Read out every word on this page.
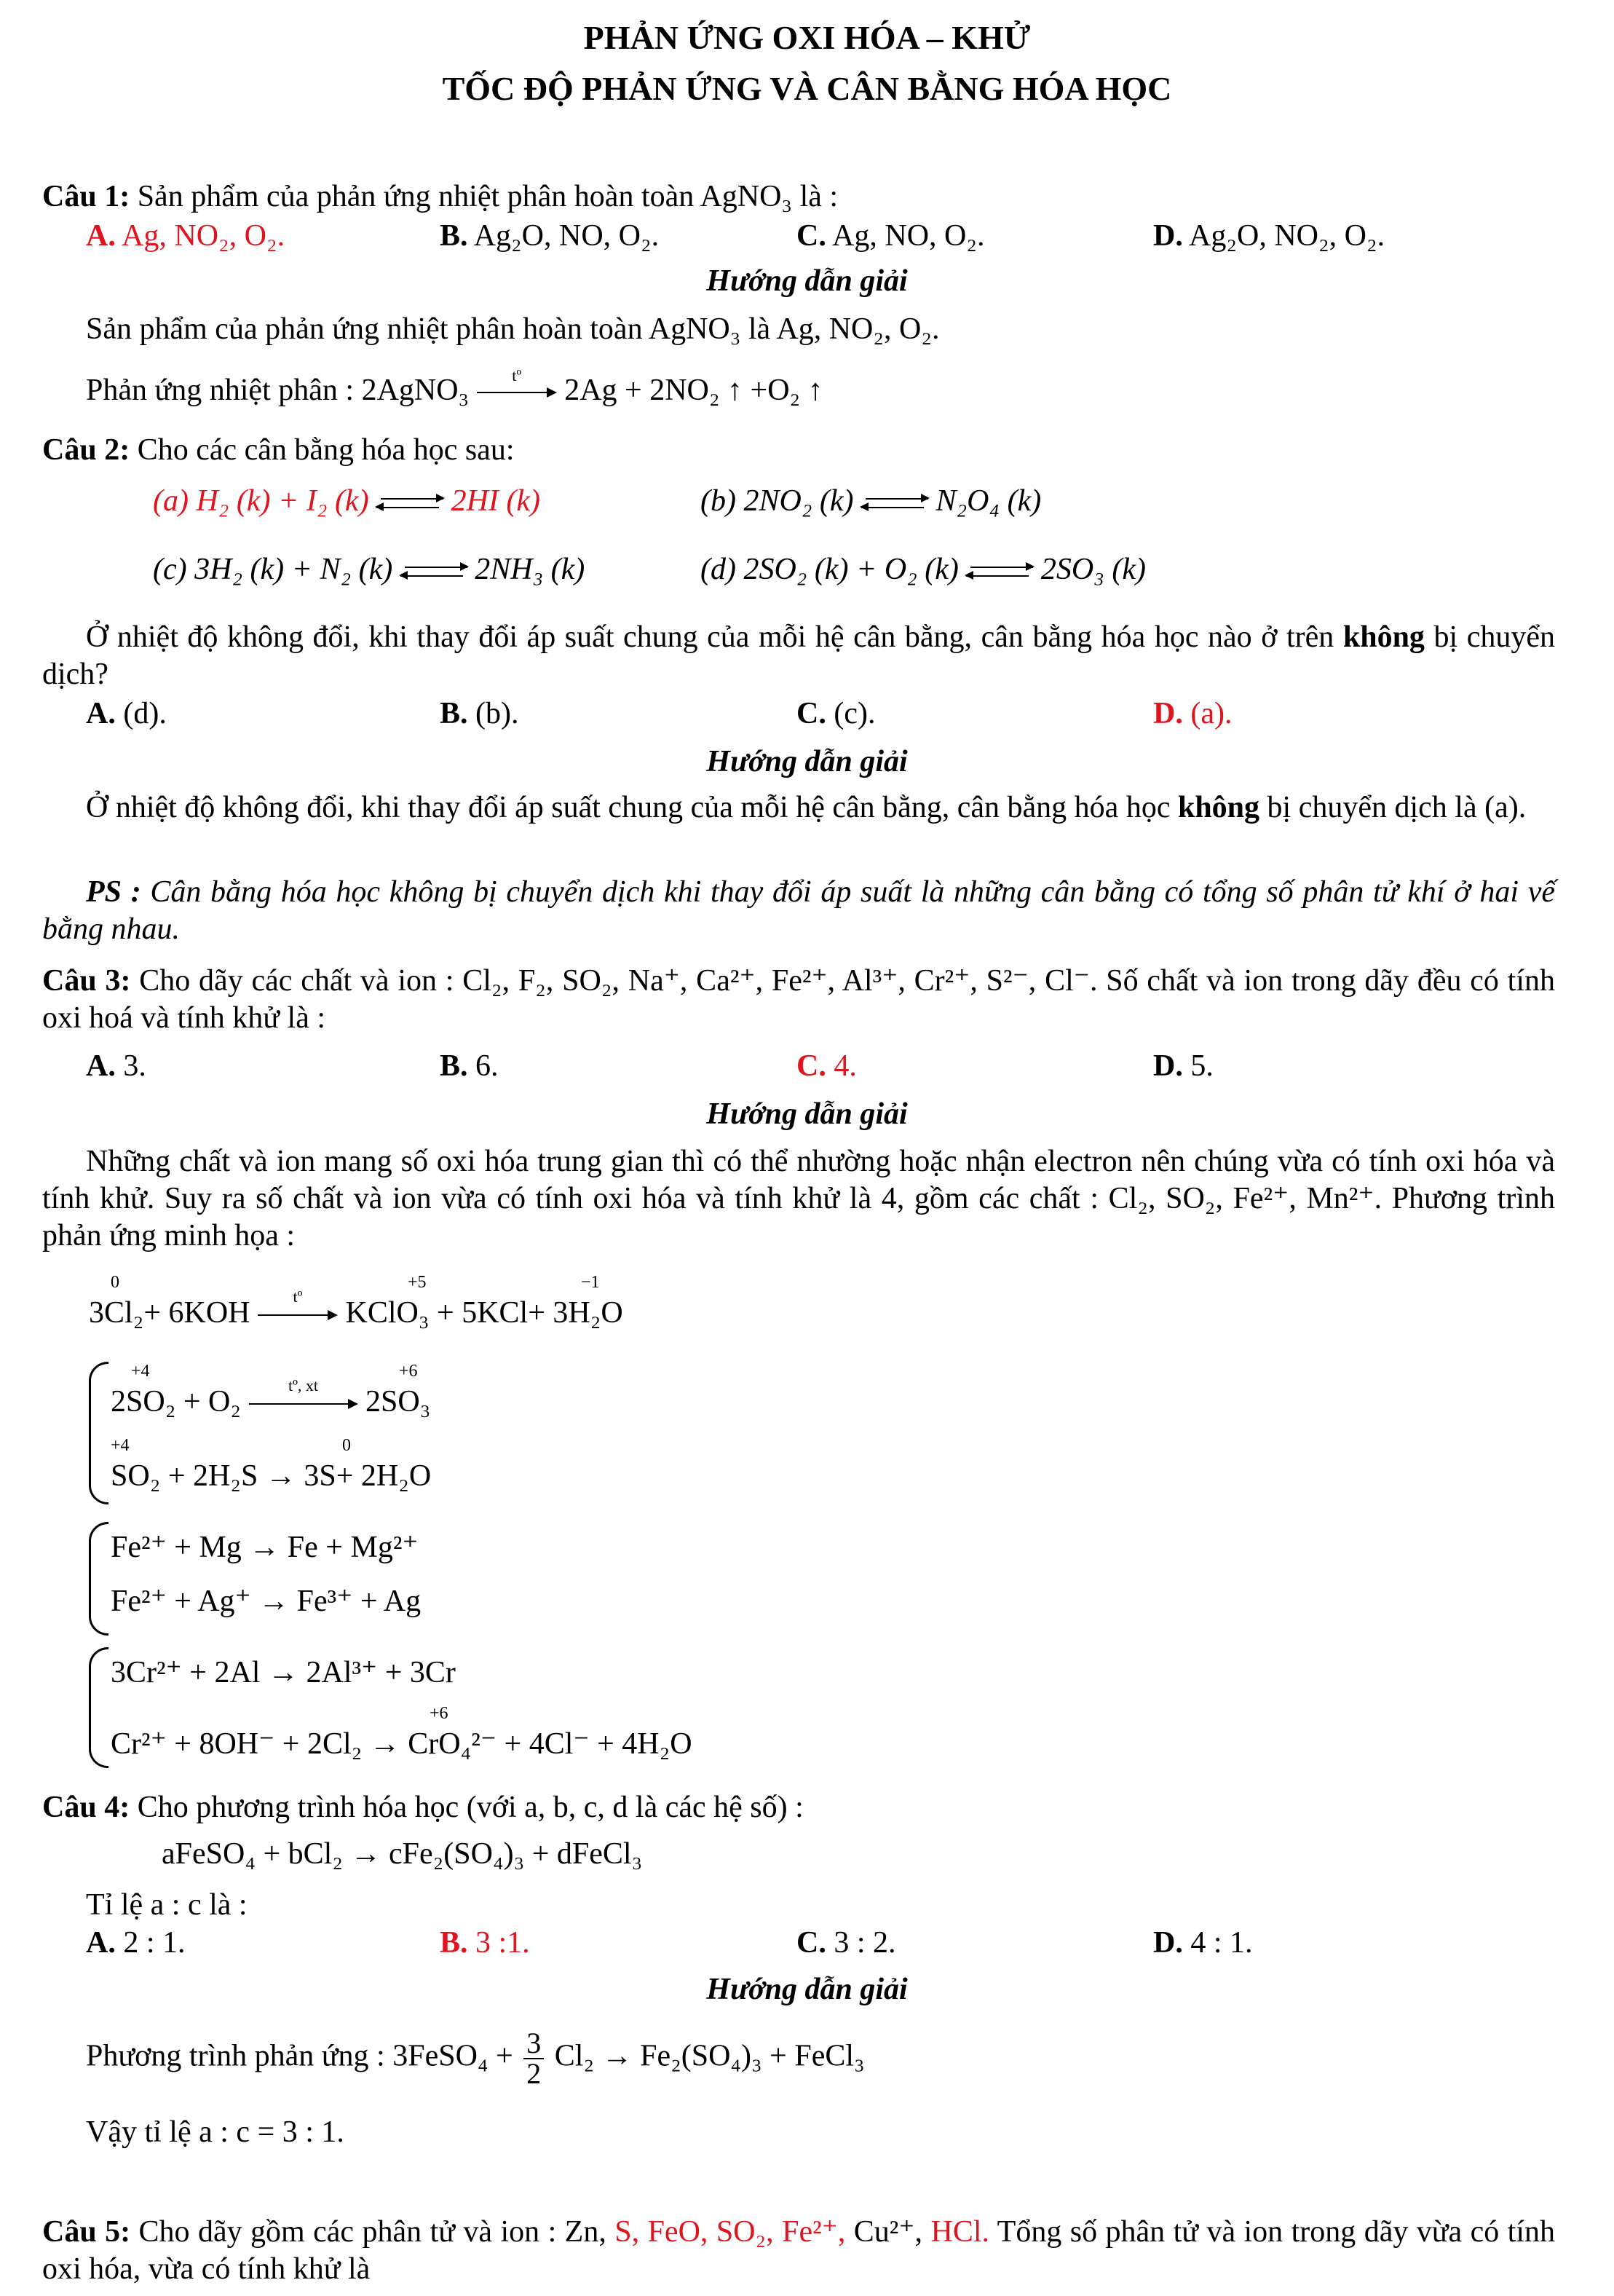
PHẢN ỨNG OXI HÓA – KHỬ
TỐC ĐỘ PHẢN ỨNG VÀ CÂN BẰNG HÓA HỌC
Câu 1: Sản phẩm của phản ứng nhiệt phân hoàn toàn AgNO₃ là :
A. Ag, NO₂, O₂.	B. Ag₂O, NO, O₂.	C. Ag, NO, O₂.	D. Ag₂O, NO₂, O₂.
Hướng dẫn giải
Sản phẩm của phản ứng nhiệt phân hoàn toàn AgNO₃ là Ag, NO₂, O₂.
Phản ứng nhiệt phân : 2AgNO₃	tº	2Ag + 2NO₂ ↑ +O₂ ↑
Câu 2: Cho các cân bằng hóa học sau:
(a) H₂ (k) + I₂ (k)	2HI (k)	(b) 2NO₂ (k)	N₂O₄ (k)
(c) 3H₂ (k) + N₂ (k)	2NH₃ (k)	(d) 2SO₂ (k) + O₂ (k)	2SO₃ (k)
Ở nhiệt độ không đổi, khi thay đổi áp suất chung của mỗi hệ cân bằng, cân bằng hóa học nào ở trên không bị chuyển dịch?
A. (d).	B. (b).	C. (c).	D. (a).
Hướng dẫn giải
Ở nhiệt độ không đổi, khi thay đổi áp suất chung của mỗi hệ cân bằng, cân bằng hóa học không bị chuyển dịch là (a).
PS : Cân bằng hóa học không bị chuyển dịch khi thay đổi áp suất là những cân bằng có tổng số phân tử khí ở hai vế bằng nhau.
Câu 3: Cho dãy các chất và ion : Cl₂, F₂, SO₂, Na⁺, Ca²⁺, Fe²⁺, Al³⁺, Cr²⁺, S²⁻, Cl⁻. Số chất và ion trong dãy đều có tính oxi hoá và tính khử là :
A. 3.	B. 6.	C. 4.	D. 5.
Hướng dẫn giải
Những chất và ion mang số oxi hóa trung gian thì có thể nhường hoặc nhận electron nên chúng vừa có tính oxi hóa và tính khử. Suy ra số chất và ion vừa có tính oxi hóa và tính khử là 4, gồm các chất : Cl₂, SO₂, Fe²⁺, Mn²⁺. Phương trình phản ứng minh họa :
3Cl₂+ 6KOH	tº	KClO₃ + 5KCl+ 3H₂O
0	+5	−1
2SO₂ + O₂	tº, xt	2SO₃
+4	+6
SO₂ + 2H₂S → 3S+ 2H₂O
+4	0
Fe²⁺ + Mg → Fe + Mg²⁺
Fe²⁺ + Ag⁺ → Fe³⁺ + Ag
3Cr²⁺ + 2Al → 2Al³⁺ + 3Cr
Cr²⁺ + 8OH⁻ + 2Cl₂ → CrO₄²⁻ + 4Cl⁻ + 4H₂O
+6
Câu 4: Cho phương trình hóa học (với a, b, c, d là các hệ số) :
aFeSO₄ + bCl₂ → cFe₂(SO₄)₃ + dFeCl₃
Tỉ lệ a : c là :
A. 2 : 1.	B. 3 :1.	C. 3 : 2.	D. 4 : 1.
Hướng dẫn giải
Phương trình phản ứng : 3FeSO₄ + $\frac{3}{2} Cl_2 \to Fe_2(SO_4)_3$ + FeCl₃
Vậy tỉ lệ a : c = 3 : 1.
Câu 5: Cho dãy gồm các phân tử và ion : Zn, S, FeO, SO₂, Fe²⁺, Cu²⁺, HCl. Tổng số phân tử và ion trong dãy vừa có tính oxi hóa, vừa có tính khử là
